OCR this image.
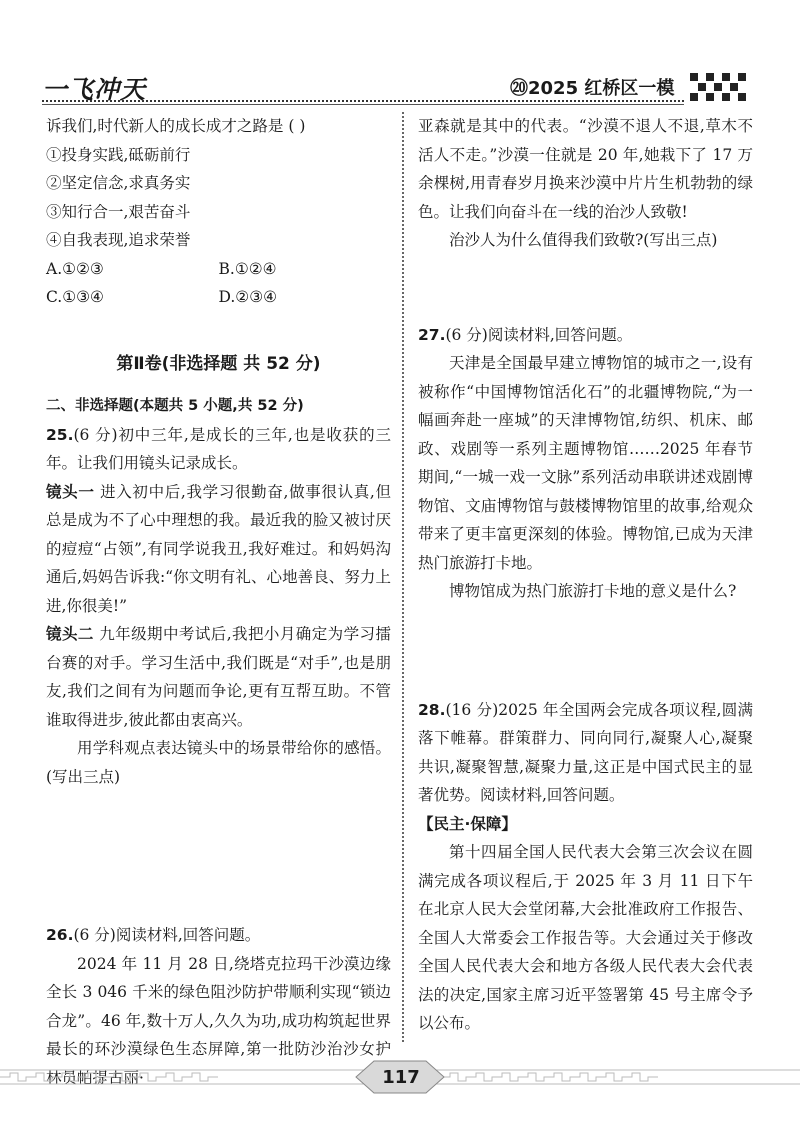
一飞冲天	⑳2025 红桥区一模

诉我们,时代新人的成长成才之路是 ( )

①投身实践,砥砺前行

②坚定信念,求真务实

③知行合一,艰苦奋斗

④自我表现,追求荣誉

A.①②③	B.①②④
C.①③④	D.②③④
第Ⅱ卷(非选择题 共 52 分)

二、非选择题(本题共 5 小题,共 52 分)

25.(6 分)初中三年,是成长的三年,也是收获的三年。让我们用镜头记录成长。

镜头一 进入初中后,我学习很勤奋,做事很认真,但总是成为不了心中理想的我。最近我的脸又被讨厌的痘痘“占领”,有同学说我丑,我好难过。和妈妈沟通后,妈妈告诉我:“你文明有礼、心地善良、努力上进,你很美!”

镜头二 九年级期中考试后,我把小月确定为学习擂台赛的对手。学习生活中,我们既是“对手”,也是朋友,我们之间有为问题而争论,更有互帮互助。不管谁取得进步,彼此都由衷高兴。

用学科观点表达镜头中的场景带给你的感悟。(写出三点)

26.(6 分)阅读材料,回答问题。

2024 年 11 月 28 日,绕塔克拉玛干沙漠边缘全长 3 046 千米的绿色阻沙防护带顺利实现“锁边合龙”。46 年,数十万人,久久为功,成功构筑起世界最长的环沙漠绿色生态屏障,第一批防沙治沙女护林员帕提古丽·

亚森就是其中的代表。“沙漠不退人不退,草木不活人不走。”沙漠一住就是 20 年,她栽下了 17 万余棵树,用青春岁月换来沙漠中片片生机勃勃的绿色。让我们向奋斗在一线的治沙人致敬!

治沙人为什么值得我们致敬?(写出三点)

27.(6 分)阅读材料,回答问题。

天津是全国最早建立博物馆的城市之一,设有被称作“中国博物馆活化石”的北疆博物院,“为一幅画奔赴一座城”的天津博物馆,纺织、机床、邮政、戏剧等一系列主题博物馆……2025 年春节期间,“一城一戏一文脉”系列活动串联讲述戏剧博物馆、文庙博物馆与鼓楼博物馆里的故事,给观众带来了更丰富更深刻的体验。博物馆,已成为天津热门旅游打卡地。

博物馆成为热门旅游打卡地的意义是什么?

28.(16 分)2025 年全国两会完成各项议程,圆满落下帷幕。群策群力、同向同行,凝聚人心,凝聚共识,凝聚智慧,凝聚力量,这正是中国式民主的显著优势。阅读材料,回答问题。

【民主·保障】

第十四届全国人民代表大会第三次会议在圆满完成各项议程后,于 2025 年 3 月 11 日下午在北京人民大会堂闭幕,大会批准政府工作报告、全国人大常委会工作报告等。大会通过关于修改全国人民代表大会和地方各级人民代表大会代表法的决定,国家主席习近平签署第 45 号主席令予以公布。

117
